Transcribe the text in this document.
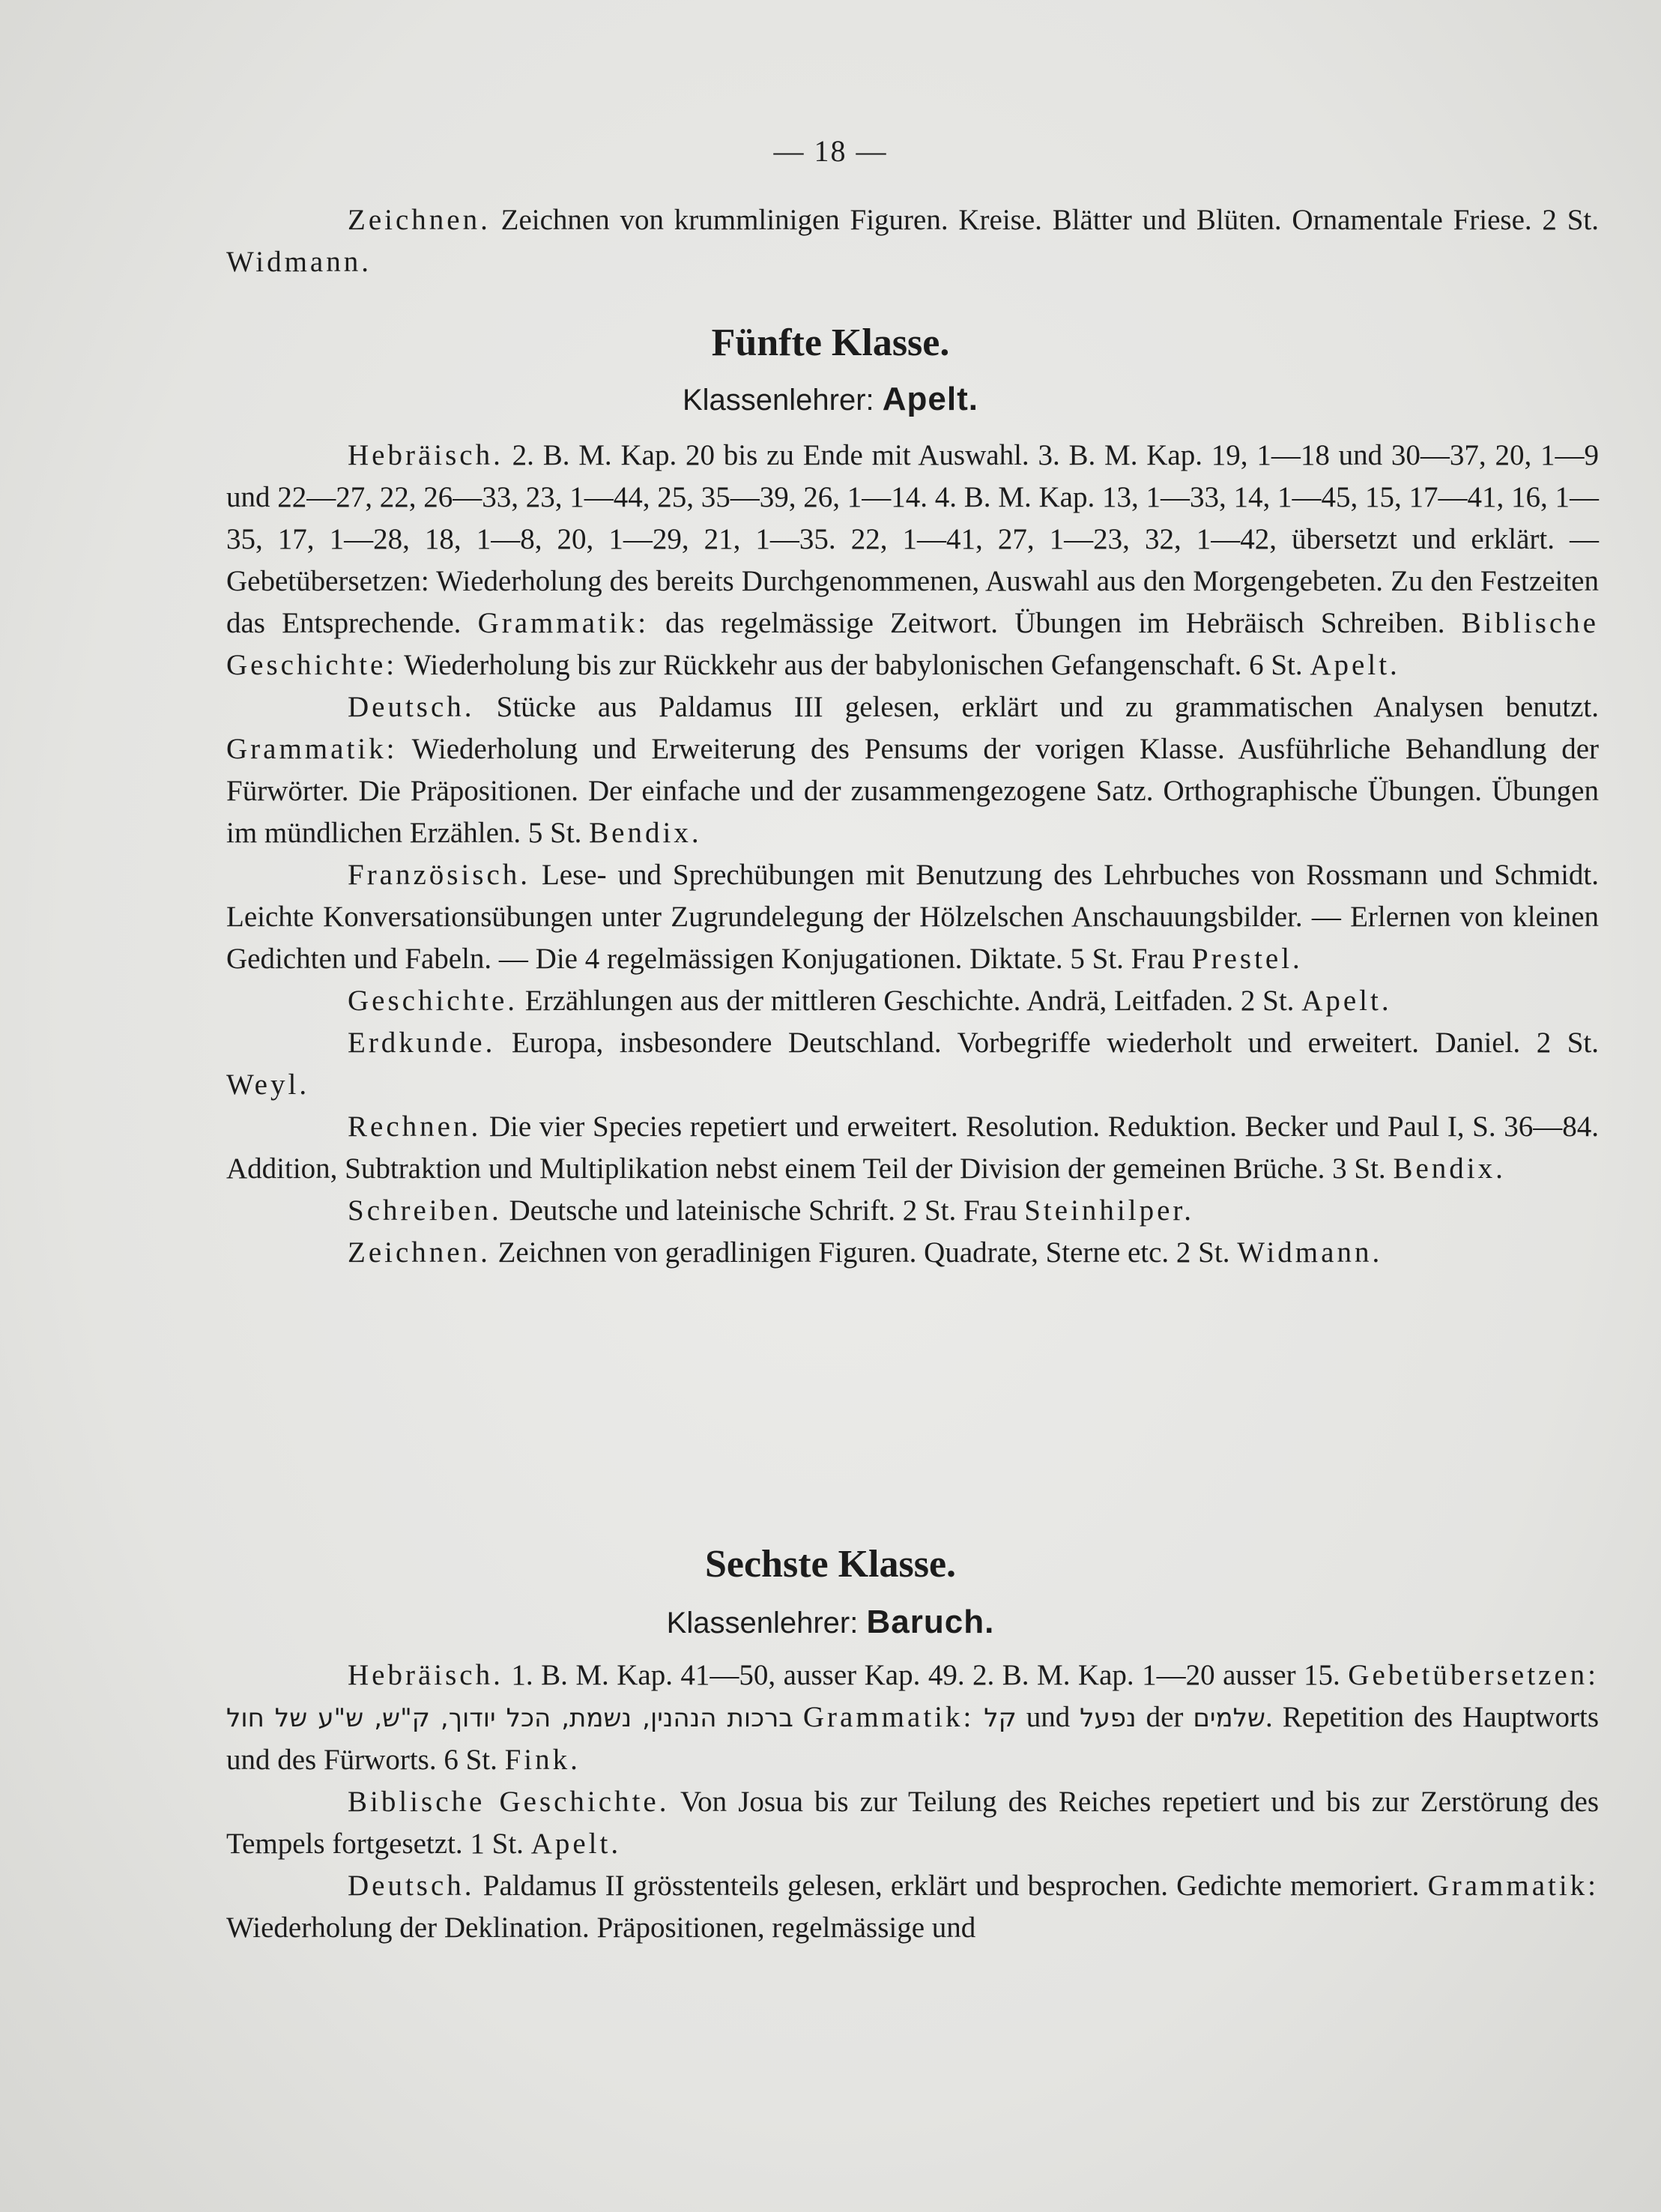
— 18 —

Zeichnen. Zeichnen von krummlinigen Figuren. Kreise. Blätter und Blüten. Ornamentale Friese. 2 St. Widmann.

Fünfte Klasse.
Klassenlehrer: Apelt.

Hebräisch. 2. B. M. Kap. 20 bis zu Ende mit Auswahl. 3. B. M. Kap. 19, 1—18 und 30—37, 20, 1—9 und 22—27, 22, 26—33, 23, 1—44, 25, 35—39, 26, 1—14. 4. B. M. Kap. 13, 1—33, 14, 1—45, 15, 17—41, 16, 1—35, 17, 1—28, 18, 1—8, 20, 1—29, 21, 1—35. 22, 1—41, 27, 1—23, 32, 1—42, übersetzt und erklärt. — Gebetübersetzen: Wiederholung des bereits Durchgenommenen, Auswahl aus den Morgengebeten. Zu den Festzeiten das Entsprechende. Grammatik: das regelmässige Zeitwort. Übungen im Hebräisch Schreiben. Biblische Geschichte: Wiederholung bis zur Rückkehr aus der babylonischen Gefangenschaft. 6 St. Apelt.

Deutsch. Stücke aus Paldamus III gelesen, erklärt und zu grammatischen Analysen benutzt. Grammatik: Wiederholung und Erweiterung des Pensums der vorigen Klasse. Ausführliche Behandlung der Fürwörter. Die Präpositionen. Der einfache und der zusammengezogene Satz. Orthographische Übungen. Übungen im mündlichen Erzählen. 5 St. Bendix.

Französisch. Lese- und Sprechübungen mit Benutzung des Lehrbuches von Rossmann und Schmidt. Leichte Konversationsübungen unter Zugrundelegung der Hölzelschen Anschauungsbilder. — Erlernen von kleinen Gedichten und Fabeln. — Die 4 regelmässigen Konjugationen. Diktate. 5 St. Frau Prestel.

Geschichte. Erzählungen aus der mittleren Geschichte. Andrä, Leitfaden. 2 St. Apelt.

Erdkunde. Europa, insbesondere Deutschland. Vorbegriffe wiederholt und erweitert. Daniel. 2 St. Weyl.

Rechnen. Die vier Species repetiert und erweitert. Resolution. Reduktion. Becker und Paul I, S. 36—84. Addition, Subtraktion und Multiplikation nebst einem Teil der Division der gemeinen Brüche. 3 St. Bendix.

Schreiben. Deutsche und lateinische Schrift. 2 St. Frau Steinhilper.

Zeichnen. Zeichnen von geradlinigen Figuren. Quadrate, Sterne etc. 2 St. Widmann.

Sechste Klasse.
Klassenlehrer: Baruch.

Hebräisch. 1. B. M. Kap. 41—50, ausser Kap. 49. 2. B. M. Kap. 1—20 ausser 15. Gebetübersetzen: ברכות הנהנין, נשמת, הכל יודוך, ק"ש, ש"ע של חול Grammatik: קל und נפעל der שלמים. Repetition des Hauptworts und des Fürworts. 6 St. Fink.

Biblische Geschichte. Von Josua bis zur Teilung des Reiches repetiert und bis zur Zerstörung des Tempels fortgesetzt. 1 St. Apelt.

Deutsch. Paldamus II grösstenteils gelesen, erklärt und besprochen. Gedichte memoriert. Grammatik: Wiederholung der Deklination. Präpositionen, regelmässige und
